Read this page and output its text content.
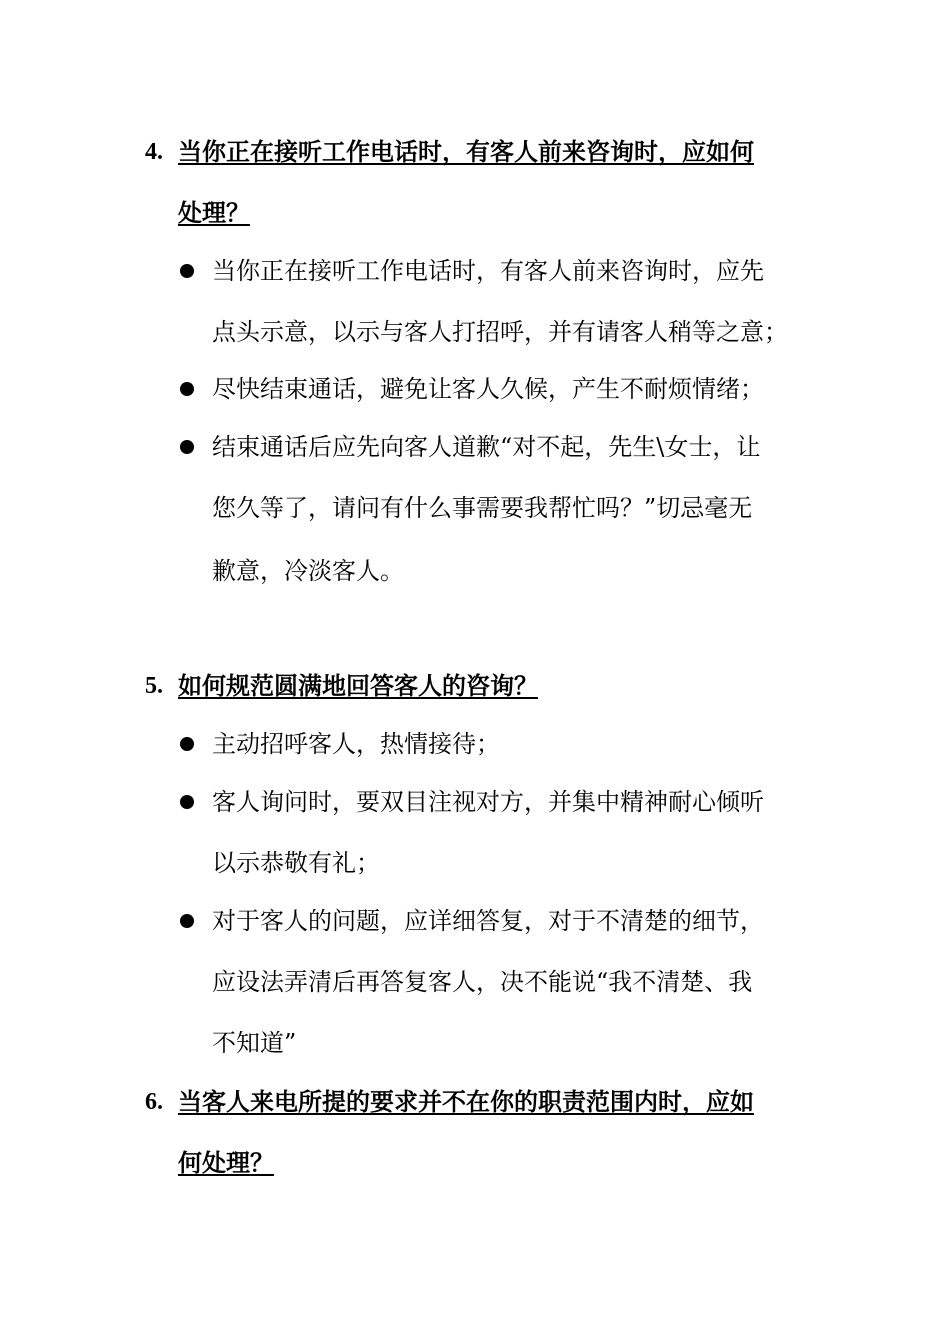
4. 当你正在接听工作电话时，有客人前来咨询时，应如何
处理？
当你正在接听工作电话时，有客人前来咨询时，应先
点头示意，以示与客人打招呼，并有请客人稍等之意；
尽快结束通话，避免让客人久候，产生不耐烦情绪；
结束通话后应先向客人道歉“对不起，先生\女士，让
您久等了，请问有什么事需要我帮忙吗？”切忌毫无
歉意，冷淡客人。
5. 如何规范圆满地回答客人的咨询？
主动招呼客人，热情接待；
客人询问时，要双目注视对方，并集中精神耐心倾听
以示恭敬有礼；
对于客人的问题，应详细答复，对于不清楚的细节，
应设法弄清后再答复客人，决不能说“我不清楚、我
不知道”
6. 当客人来电所提的要求并不在你的职责范围内时，应如
何处理？
